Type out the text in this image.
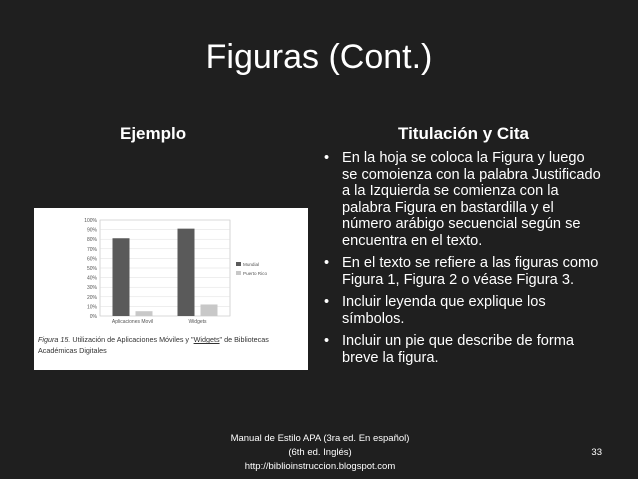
Figuras (Cont.)
Ejemplo	Titulación y Cita
0%
10%
20%
30%
40%
50%
60%
70%
80%
90%
100%
Aplicaciones Movil	Widgets
Mundial
Puerto Rico
Figura 15. Utilización de Aplicaciones Móviles y "Widgets" de Bibliotecas Académicas Digitales
• En la hoja se coloca la Figura y luego se comoienza con la palabra Justificado a la Izquierda se comienza con la palabra Figura en bastardilla y el número arábigo secuencial según se encuentra en el texto.
• En el texto se refiere a las figuras como Figura 1, Figura 2 o véase Figura 3.
• Incluir leyenda que explique los símbolos.
• Incluir un pie que describe de forma breve la figura.
Manual de Estilo APA (3ra ed. En español)
(6th ed. Inglés)
http://biblioinstruccion.blogspot.com
33
